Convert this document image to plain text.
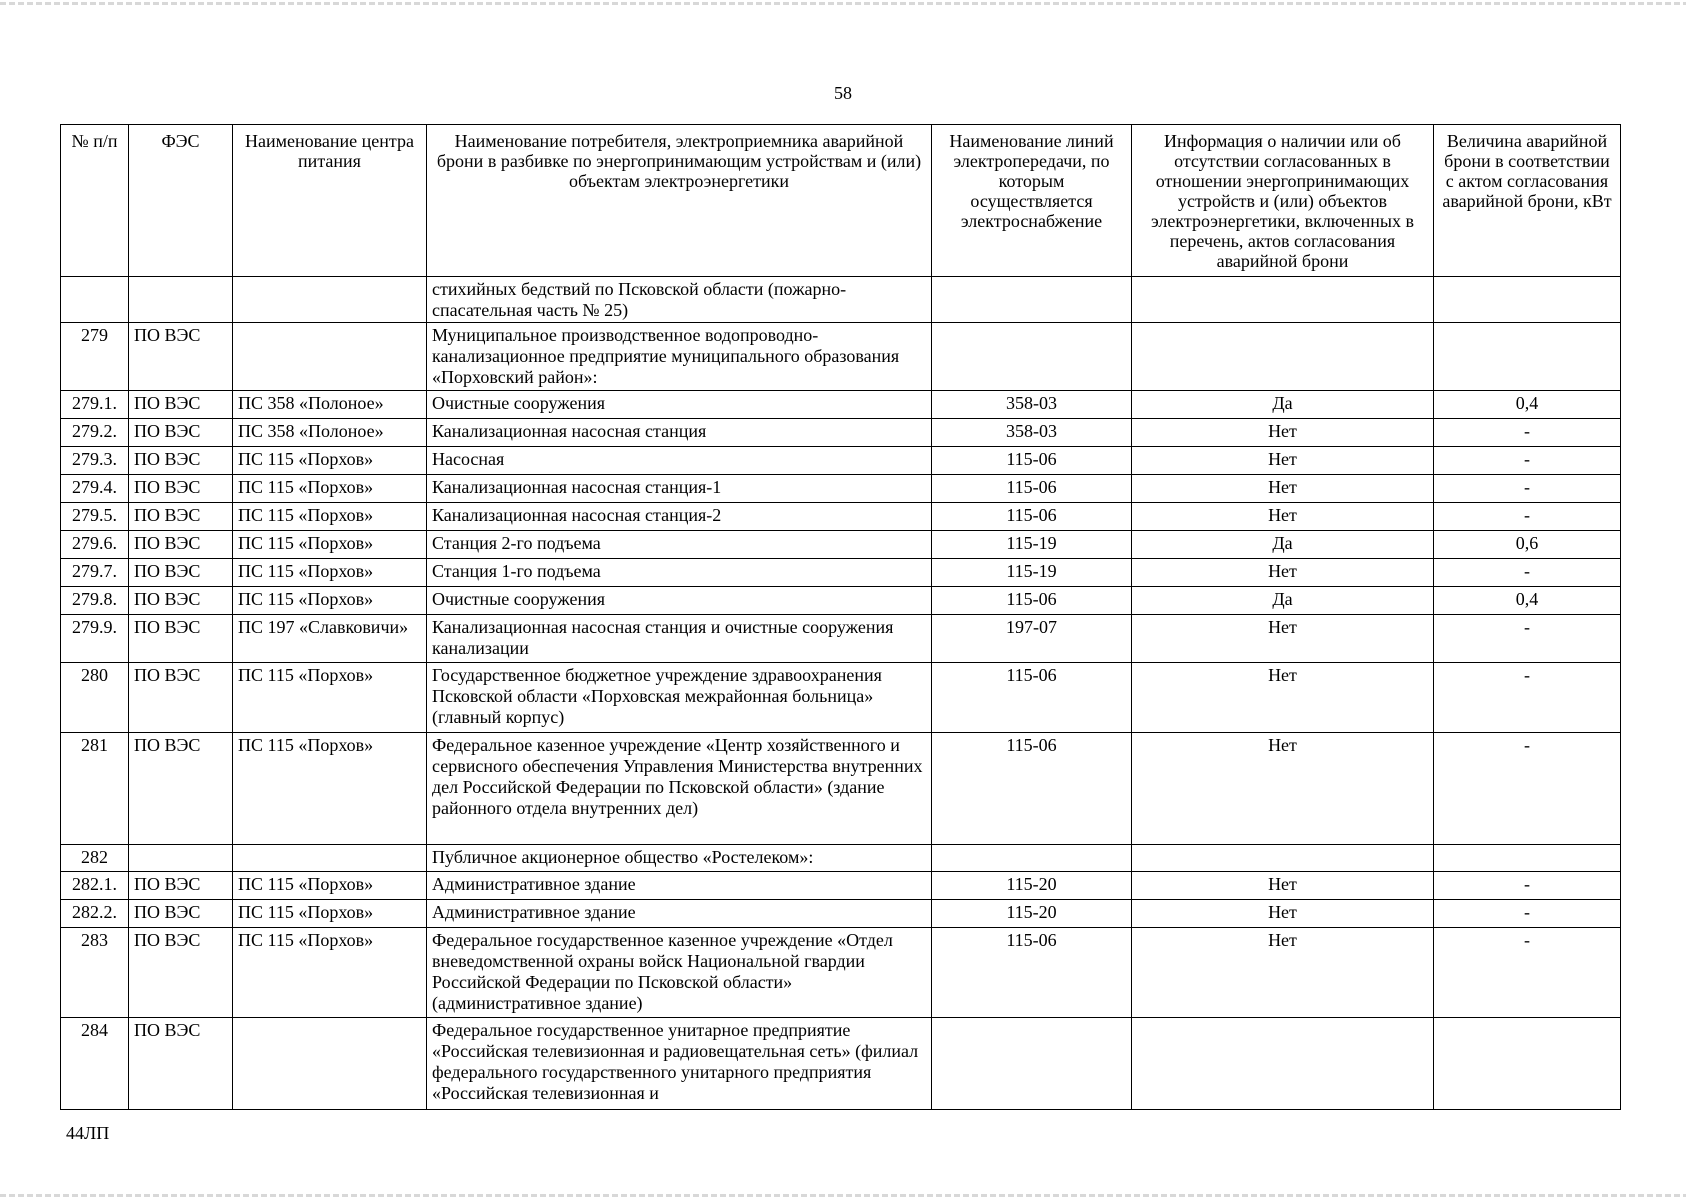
58
№ п/п	ФЭС	Наименование центра питания	Наименование потребителя, электроприемника аварийной брони в разбивке по энергопринимающим устройствам и (или) объектам электроэнергетики	Наименование линий электропередачи, по которым осуществляется электроснабжение	Информация о наличии или об отсутствии согласованных в отношении энергопринимающих устройств и (или) объектов электроэнергетики, включенных в перечень, актов согласования аварийной брони	Величина аварийной брони в соответствии с актом согласования аварийной брони, кВт
			стихийных бедствий по Псковской области (пожарно-спасательная часть № 25)			
279	ПО ВЭС		Муниципальное производственное водопроводно-канализационное предприятие муниципального образования «Порховский район»:			
279.1.	ПО ВЭС	ПС 358 «Полоное»	Очистные сооружения	358-03	Да	0,4
279.2.	ПО ВЭС	ПС 358 «Полоное»	Канализационная насосная станция	358-03	Нет	-
279.3.	ПО ВЭС	ПС 115 «Порхов»	Насосная	115-06	Нет	-
279.4.	ПО ВЭС	ПС 115 «Порхов»	Канализационная насосная станция-1	115-06	Нет	-
279.5.	ПО ВЭС	ПС 115 «Порхов»	Канализационная насосная станция-2	115-06	Нет	-
279.6.	ПО ВЭС	ПС 115 «Порхов»	Станция 2-го подъема	115-19	Да	0,6
279.7.	ПО ВЭС	ПС 115 «Порхов»	Станция 1-го подъема	115-19	Нет	-
279.8.	ПО ВЭС	ПС 115 «Порхов»	Очистные сооружения	115-06	Да	0,4
279.9.	ПО ВЭС	ПС 197 «Славковичи»	Канализационная насосная станция и очистные сооружения канализации	197-07	Нет	-
280	ПО ВЭС	ПС 115 «Порхов»	Государственное бюджетное учреждение здравоохранения Псковской области «Порховская межрайонная больница» (главный корпус)	115-06	Нет	-
281	ПО ВЭС	ПС 115 «Порхов»	Федеральное казенное учреждение «Центр хозяйственного и сервисного обеспечения Управления Министерства внутренних дел Российской Федерации по Псковской области» (здание районного отдела внутренних дел)	115-06	Нет	-
282			Публичное акционерное общество «Ростелеком»:			
282.1.	ПО ВЭС	ПС 115 «Порхов»	Административное здание	115-20	Нет	-
282.2.	ПО ВЭС	ПС 115 «Порхов»	Административное здание	115-20	Нет	-
283	ПО ВЭС	ПС 115 «Порхов»	Федеральное государственное казенное учреждение «Отдел вневедомственной охраны войск Национальной гвардии Российской Федерации по Псковской области» (административное здание)	115-06	Нет	-
284	ПО ВЭС		Федеральное государственное унитарное предприятие «Российская телевизионная и радиовещательная сеть» (филиал федерального государственного унитарного предприятия «Российская телевизионная и			
44ЛП
